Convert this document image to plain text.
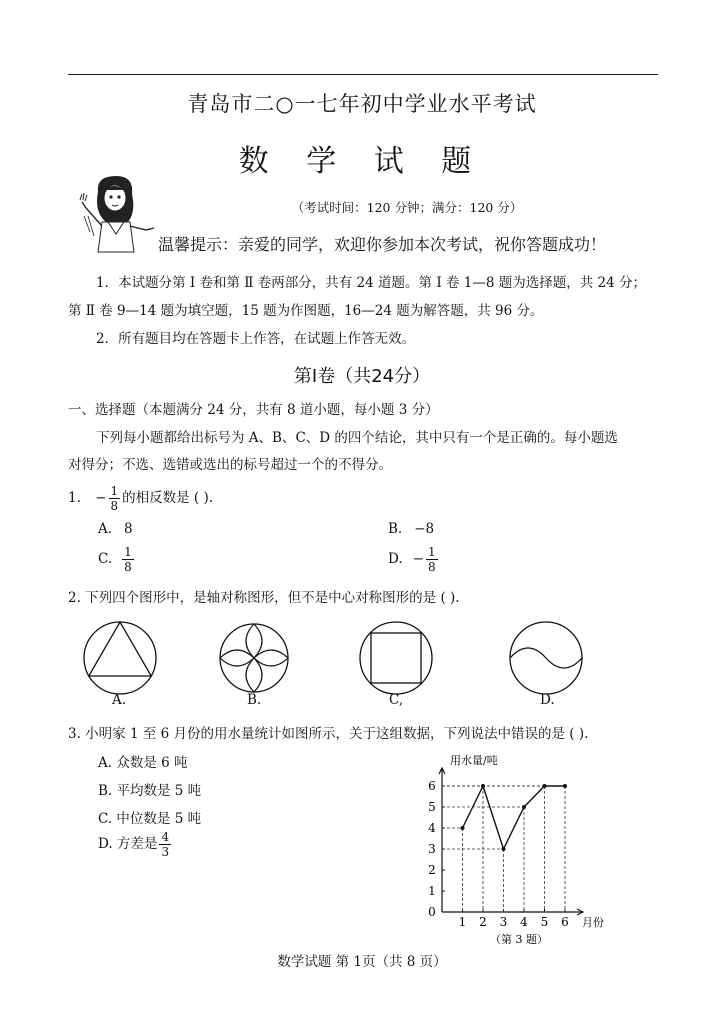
青岛市二○一七年初中学业水平考试
数 学 试 题
（考试时间：120 分钟；满分：120 分）
温馨提示：亲爱的同学，欢迎你参加本次考试，祝你答题成功！
1．本试题分第 Ⅰ 卷和第 Ⅱ 卷两部分，共有 24 道题。第 Ⅰ 卷 1—8 题为选择题，共 24 分；
第 Ⅱ 卷 9—14 题为填空题，15 题为作图题，16—24 题为解答题，共 96 分。
2．所有题目均在答题卡上作答，在试题上作答无效。
第Ⅰ卷（共24分）
一、选择题（本题满分 24 分，共有 8 道小题，每小题 3 分）
下列每小题都给出标号为 A、B、C、D 的四个结论，其中只有一个是正确的。每小题选
对得分；不选、选错或选出的标号超过一个的不得分。
1. − $\frac{1}{8}$ 的相反数是 ( ).
A. 8	B. −8
C. $\frac{1}{8}$	D. − $\frac{1}{8}$
2. 下列四个图形中，是轴对称图形，但不是中心对称图形的是 ( ).
A.	B.	C,	D.
3. 小明家 1 至 6 月份的用水量统计如图所示，关于这组数据，下列说法中错误的是 ( ).
A. 众数是 6 吨
B. 平均数是 5 吨
C. 中位数是 5 吨
D. 方差是 $\frac{4}{3}$
用水量/吨
月份
（第 3 题）
0
1
2
3
4
5
6
1 2 3 4 5 6
数学试题 第 1页（共 8 页）
